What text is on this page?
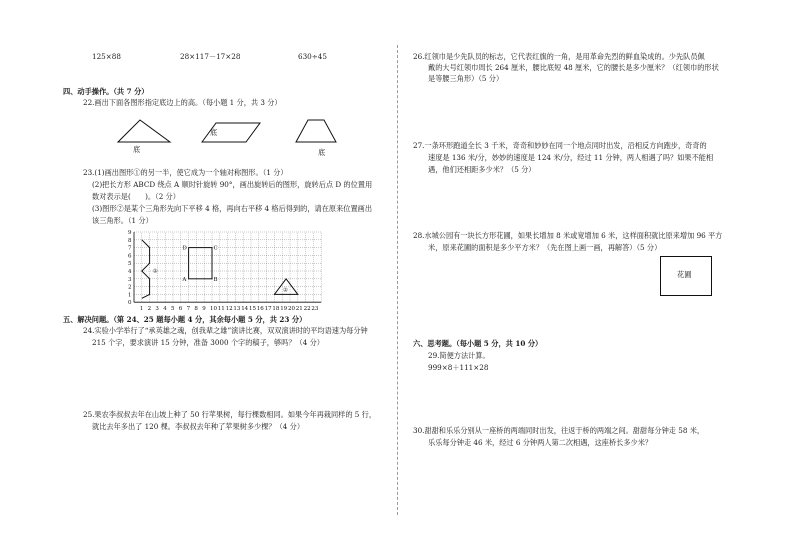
125×88	28×117－17×28	630÷45
四、动手操作。（共 7 分）
22.画出下面各图形指定底边上的高。（每小题 1 分，共 3 分）
底
底
底
23.(1)画出图形①的另一半，使它成为一个轴对称图形。（1 分）
(2)把长方形 ABCD 绕点 A 顺时针旋转 90°，画出旋转后的图形，旋转后点 D 的位置用
数对表示是(　　)。（2 分）
(3)图形②是某个三角形先向下平移 4 格，再向右平移 4 格后得到的，请在原来位置画出
该三角形。（1 分）
9
8
7
6
5
4
3
2
1
0
1 2 3 4 5 6 7 8 9 10 11 12 13 14 15 16 17 18 19 20 21 22 23
①
D	C
A	B
②
五、解决问题。（第 24、25 题每小题 4 分，其余每小题 5 分，共 23 分）
24.实验小学举行了“承英雄之魂，创我辈之雄”演讲比赛，双双演讲时的平均语速为每分钟
215 个字，要求演讲 15 分钟，准备 3000 个字的稿子，够吗？（4 分）
25.果农李叔叔去年在山坡上种了 50 行苹果树，每行棵数相同。如果今年再栽同样的 5 行，
就比去年多出了 120 棵。李叔叔去年种了苹果树多少棵？（4 分）
26.红领巾是少先队员的标志，它代表红旗的一角，是用革命先烈的鲜血染成的。少先队员佩
戴的大号红领巾周长 264 厘米，腰比底短 48 厘米，它的腰长是多少厘米？（红领巾的形状
是等腰三角形）（5 分）
27.一条环形跑道全长 3 千米，奇奇和妙妙在同一个地点同时出发，沿相反方向跑步，奇奇的
速度是 136 米/分，妙妙的速度是 124 米/分，经过 11 分钟，两人相遇了吗？如果不能相
遇，他们还相距多少米？（5 分）
28.水城公园有一块长方形花圃，如果长增加 8 米或宽增加 6 米，这样面积就比原来增加 96 平方
米，原来花圃的面积是多少平方米？（先在图上画一画，再解答）（5 分）
花圃
六、思考题。（每小题 5 分，共 10 分）
29.简便方法计算。
999×8＋111×28
30.甜甜和乐乐分别从一座桥的两端同时出发，往返于桥的两端之间。甜甜每分钟走 58 米，
乐乐每分钟走 46 米，经过 6 分钟两人第二次相遇，这座桥长多少米？
